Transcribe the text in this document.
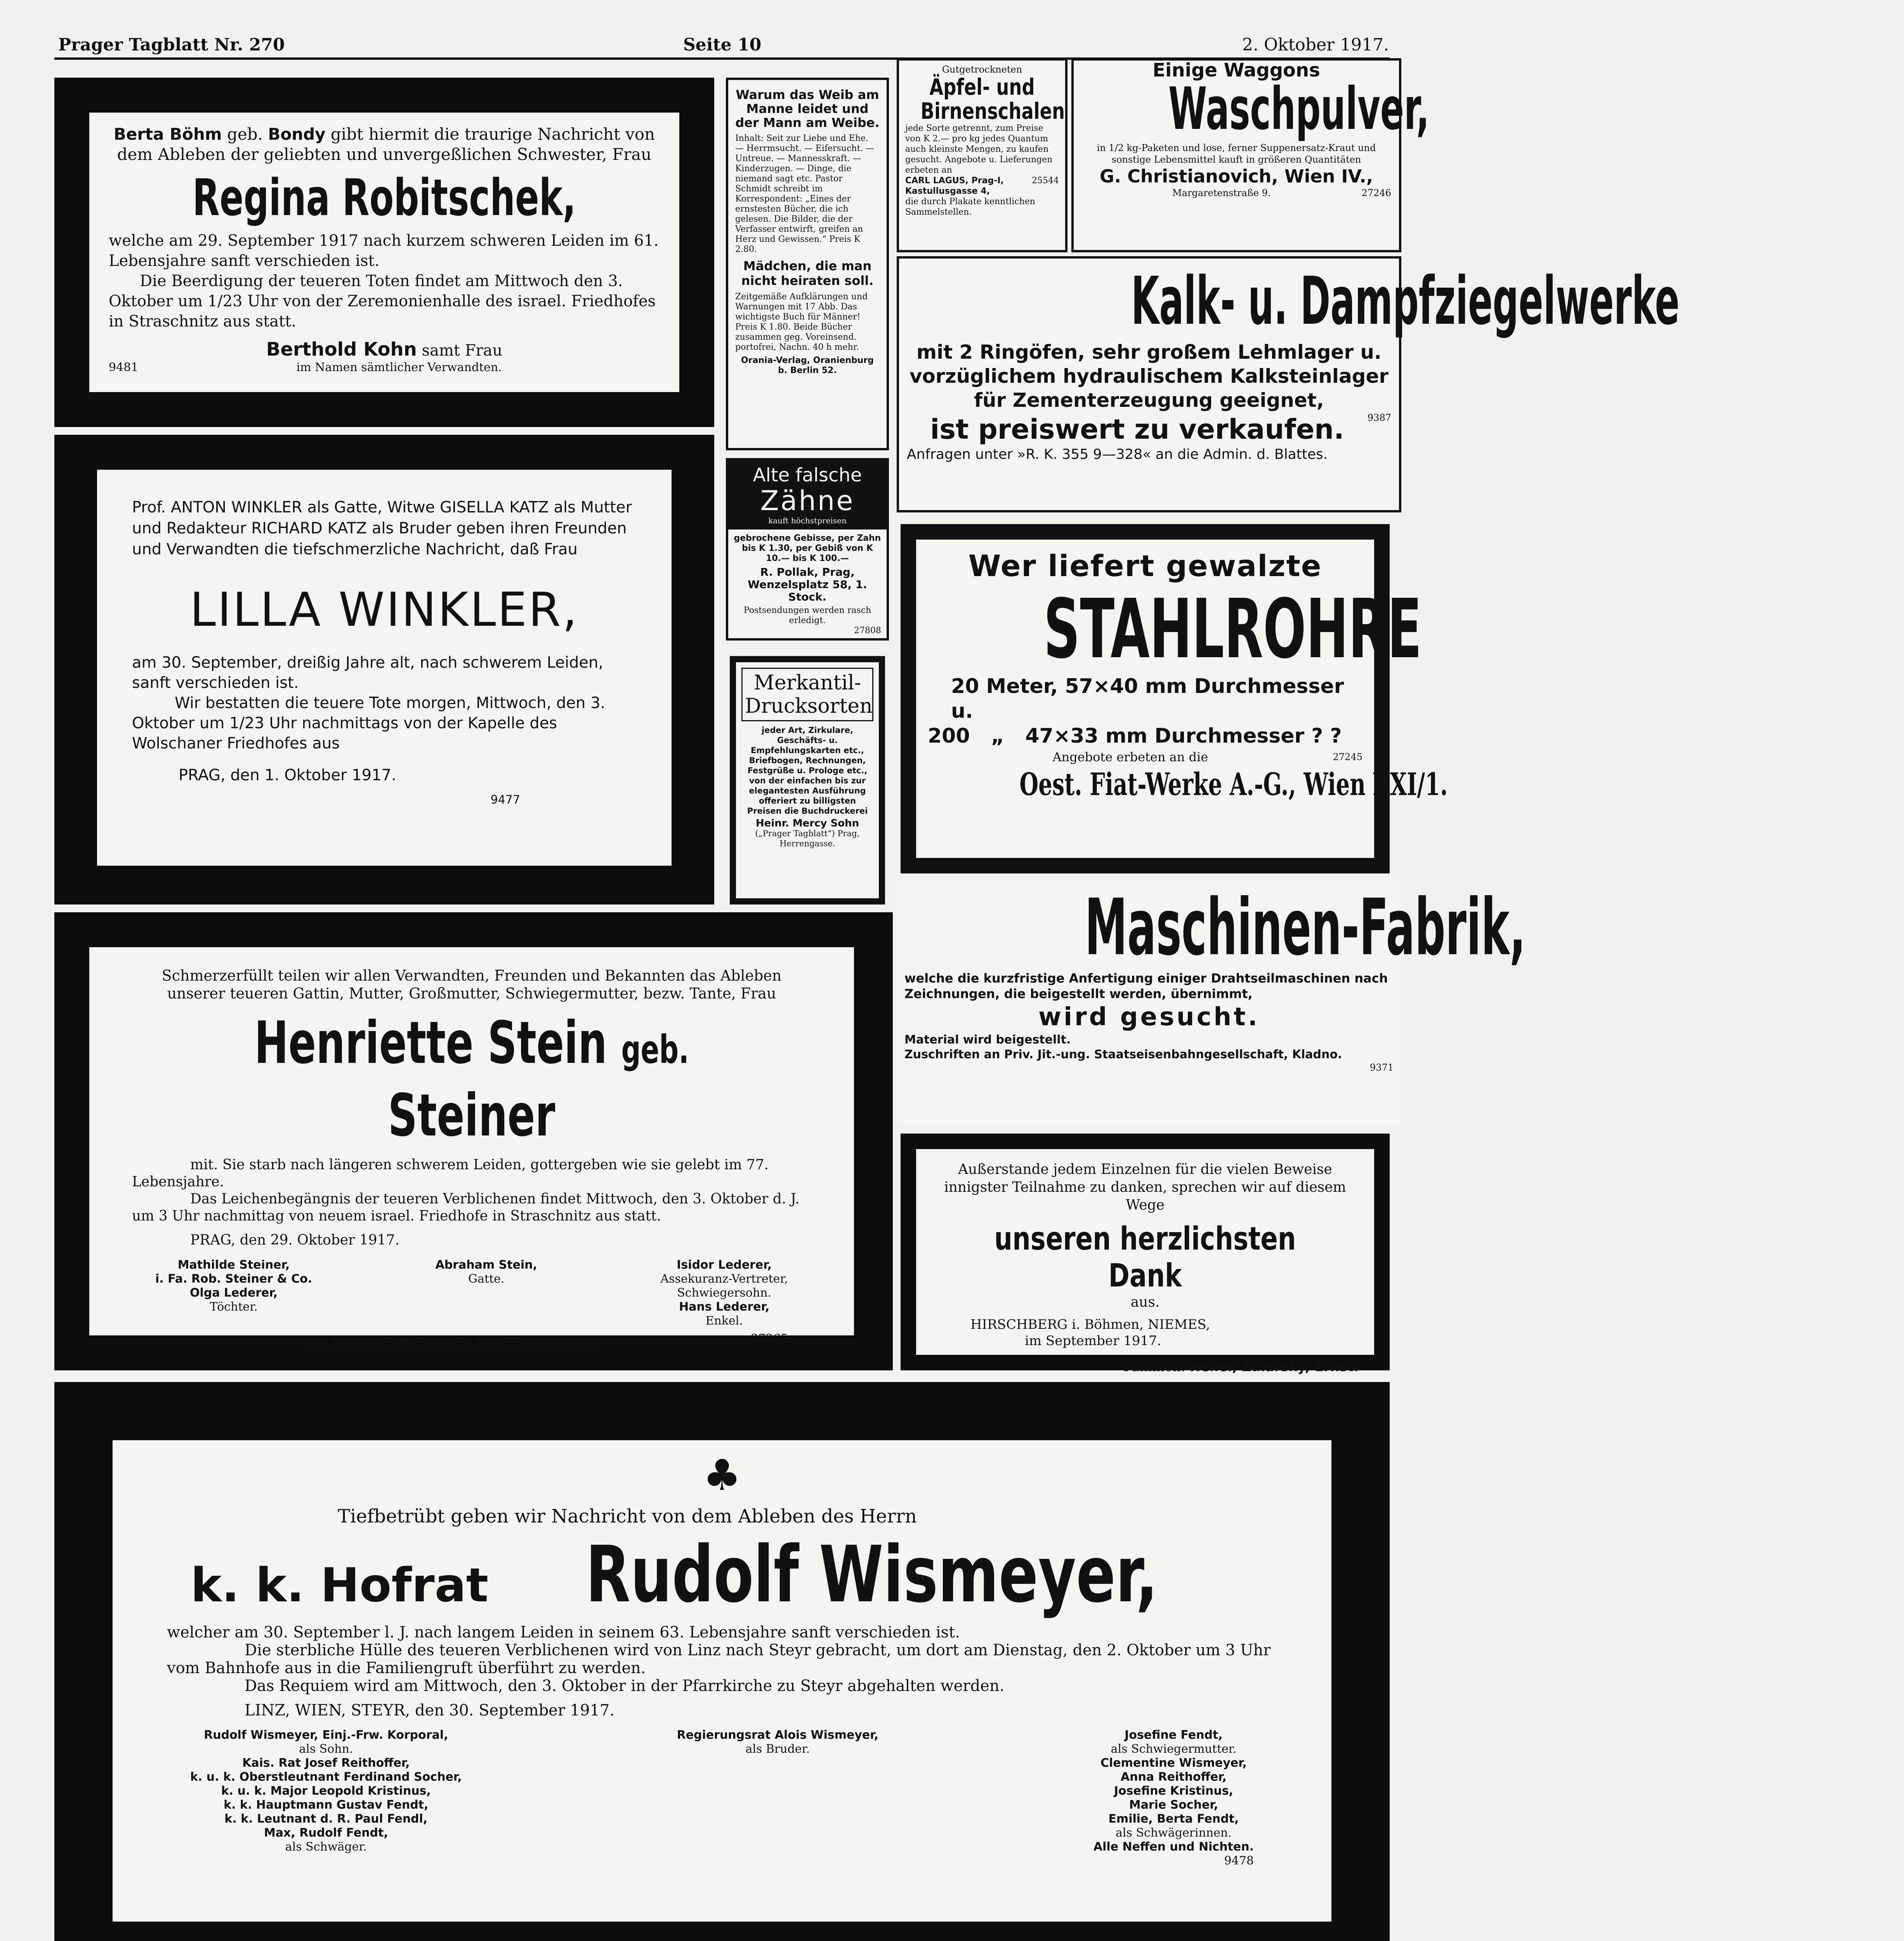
Prager Tagblatt Nr. 270	Seite 10	2. Oktober 1917.

Berta Böhm geb. Bondy gibt hiermit die traurige Nachricht von dem Ableben der geliebten und unvergeßlichen Schwester, Frau

Regina Robitschek,

welche am 29. September 1917 nach kurzem schweren Leiden im 61. Lebensjahre sanft verschieden ist.

Die Beerdigung der teueren Toten findet am Mittwoch den 3. Oktober um 1/23 Uhr von der Zeremonienhalle des israel. Friedhofes in Straschnitz aus statt.

Berthold Kohn samt Frau

9481	im Namen sämtlicher Verwandten.

Prof. ANTON WINKLER als Gatte, Witwe GISELLA KATZ als Mutter und Redakteur RICHARD KATZ als Bruder geben ihren Freunden und Verwandten die tiefschmerzliche Nachricht, daß Frau

LILLA WINKLER,

am 30. September, dreißig Jahre alt, nach schwerem Leiden, sanft verschieden ist.

Wir bestatten die teuere Tote morgen, Mittwoch, den 3. Oktober um 1/23 Uhr nachmittags von der Kapelle des Wolschaner Friedhofes aus

PRAG, den 1. Oktober 1917.

9477

Schmerzerfüllt teilen wir allen Verwandten, Freunden und Bekannten das Ableben unserer teueren Gattin, Mutter, Großmutter, Schwiegermutter, bezw. Tante, Frau

Henriette Stein geb. Steiner

mit. Sie starb nach längeren schwerem Leiden, gottergeben wie sie gelebt im 77. Lebensjahre.

Das Leichenbegängnis der teueren Verblichenen findet Mittwoch, den 3. Oktober d. J. um 3 Uhr nachmittag von neuem israel. Friedhofe in Straschnitz aus statt.

PRAG, den 29. Oktober 1917.

Mathilde Steiner,
i. Fa. Rob. Steiner & Co.
Olga Lederer,
Töchter.
Abraham Stein,
Gatte.
Isidor Lederer,
Assekuranz-Vertreter,
Schwiegersohn.
Hans Lederer,
Enkel.
Von Kondolenzbesuchen bitte abzusehen.	27265

Außerstande jedem Einzelnen für die vielen Beweise innigster Teilnahme zu danken, sprechen wir auf diesem Wege

unseren herzlichsten Dank aus.

HIRSCHBERG i. Böhmen, NIEMES,

im September 1917.

Familien: Heller, Zdiarsky, Ernst.

♣

Tiefbetrübt geben wir Nachricht von dem Ableben des Herrn

k. k. Hofrat Rudolf Wismeyer,

welcher am 30. September l. J. nach langem Leiden in seinem 63. Lebensjahre sanft verschieden ist.

Die sterbliche Hülle des teueren Verblichenen wird von Linz nach Steyr gebracht, um dort am Dienstag, den 2. Oktober um 3 Uhr vom Bahnhofe aus in die Familiengruft überführt zu werden.

Das Requiem wird am Mittwoch, den 3. Oktober in der Pfarrkirche zu Steyr abgehalten werden.

LINZ, WIEN, STEYR, den 30. September 1917.

Rudolf Wismeyer, Einj.-Frw. Korporal,
als Sohn.
Kais. Rat Josef Reithoffer,
k. u. k. Oberstleutnant Ferdinand Socher,
k. u. k. Major Leopold Kristinus,
k. k. Hauptmann Gustav Fendt,
k. k. Leutnant d. R. Paul Fendl,
Max, Rudolf Fendt,
als Schwäger.
Regierungsrat Alois Wismeyer,
als Bruder.
Josefine Fendt,
als Schwiegermutter.
Clementine Wismeyer,
Anna Reithoffer,
Josefine Kristinus,
Marie Socher,
Emilie, Berta Fendt,
als Schwägerinnen.
Alle Neffen und Nichten.
9478
Warum das Weib am Manne leidet und der Mann am Weibe.
Inhalt: Seit zur Liebe und Ehe. — Herrmsucht. — Eifersucht. — Untreue. — Mannesskraft. — Kinderzugen. — Dinge, die niemand sagt etc. Pastor Schmidt schreibt im Korrespondent: „Eines der ernstesten Bücher, die ich gelesen. Die Bilder, die der Verfasser entwirft, greifen an Herz und Gewissen.“ Preis K 2.80.
Mädchen, die man nicht heiraten soll.
Zeitgemäße Aufklärungen und Warnungen mit 17 Abb. Das wichtigste Buch für Männer! Preis K 1.80. Beide Bücher zusammen geg. Voreinsend. portofrei, Nachn. 40 h mehr.
Orania-Verlag, Oranienburg b. Berlin 52.
Gutgetrockneten
Äpfel- und Birnenschalen
jede Sorte getrennt, zum Preise von K 2.— pro kg jedes Quantum auch kleinste Mengen, zu kaufen gesucht. Angebote u. Lieferungen erbeten an
CARL LAGUS, Prag-I, Kastullusgasse 4,
25544
die durch Plakate kenntlichen Sammelstellen.
Einige Waggons
Waschpulver,
in 1/2 kg-Paketen und lose, ferner Suppenersatz-Kraut und sonstige Lebensmittel kauft in größeren Quantitäten
G. Christianovich, Wien IV.,
Margaretenstraße 9.	27246
Kalk- u. Dampfziegelwerke
mit 2 Ringöfen, sehr großem Lehmlager u.
vorzüglichem hydraulischem Kalksteinlager
für Zementerzeugung geeignet,
ist preiswert zu verkaufen.	9387
Anfragen unter »R. K. 355 9—328« an die Admin. d. Blattes.
Alte falsche
Zähne
kauft höchstpreisen
gebrochene Gebisse, per Zahn bis K 1.30, per Gebiß von K 10.— bis K 100.—
R. Pollak, Prag, Wenzelsplatz 58, 1. Stock.
Postsendungen werden rasch erledigt.
27808
Wer liefert gewalzte
STAHLROHRE
20 Meter, 57×40 mm Durchmesser u.
200   „   47×33 mm Durchmesser ? ?
Angebote erbeten an die	27245
Oest. Fiat-Werke A.-G., Wien XXI/1.
Merkantil-Drucksorten
jeder Art, Zirkulare, Geschäfts- u. Empfehlungskarten etc., Briefbogen, Rechnungen, Festgrüße u. Prologe etc., von der einfachen bis zur elegantesten Ausführung offeriert zu billigsten Preisen die Buchdruckerei
Heinr. Mercy Sohn
(„Prager Tagblatt“) Prag, Herrengasse.
Maschinen-Fabrik,
welche die kurzfristige Anfertigung einiger Drahtseilmaschinen nach Zeichnungen, die beigestellt werden, übernimmt,
wird gesucht.
Material wird beigestellt.
Zuschriften an Priv. Jit.-ung. Staatseisenbahngesellschaft, Kladno.
9371
